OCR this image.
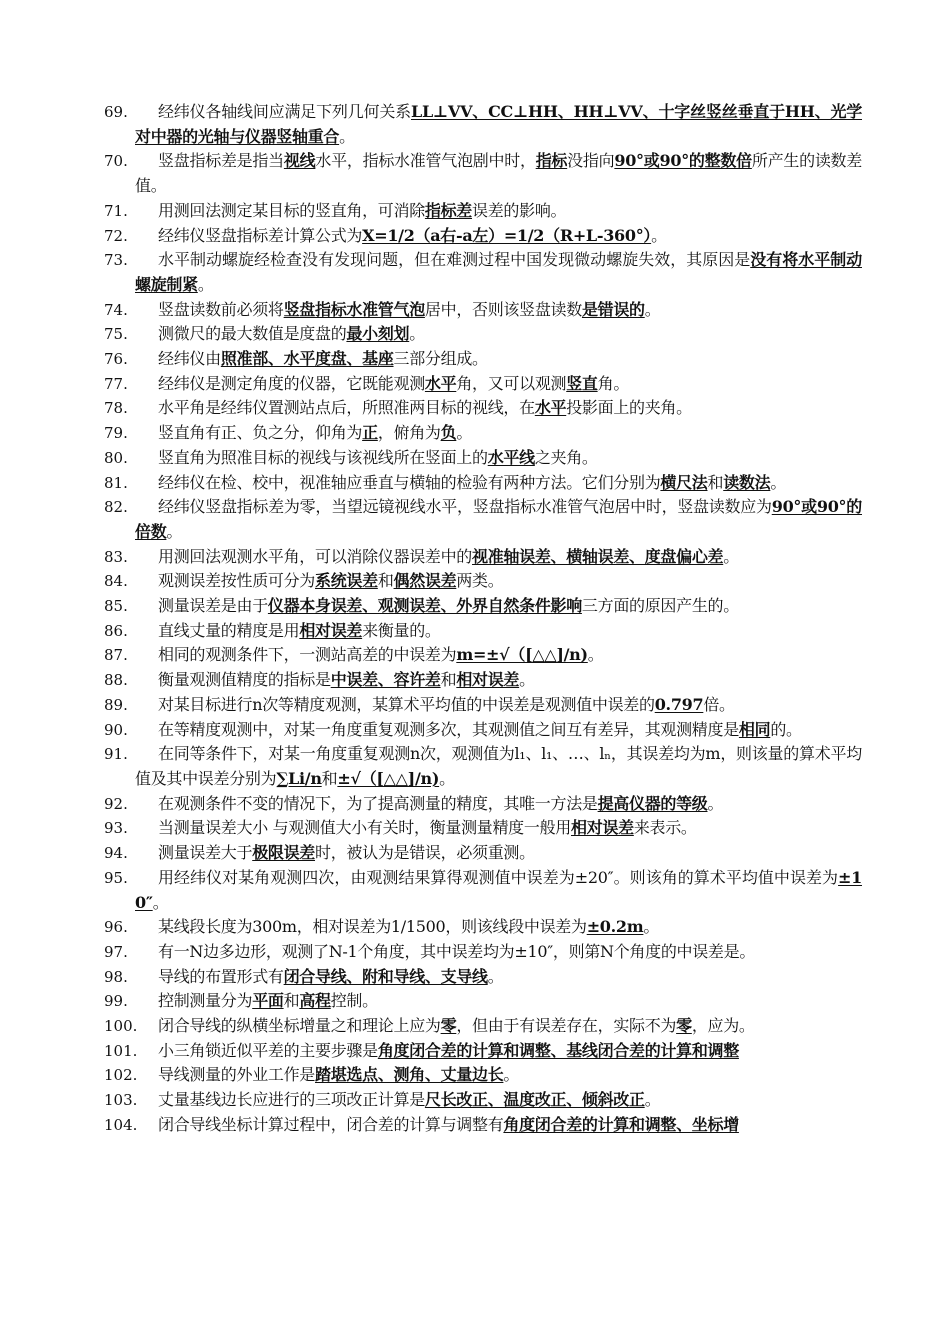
69.	经纬仪各轴线间应满足下列几何关系LL⊥VV、CC⊥HH、HH⊥VV、十字丝竖丝垂直于HH、光学对中器的光轴与仪器竖轴重合。
70.	竖盘指标差是指当视线水平，指标水准管气泡剧中时，指标没指向90°或90°的整数倍所产生的读数差值。
71.	用测回法测定某目标的竖直角，可消除指标差误差的影响。
72.	经纬仪竖盘指标差计算公式为X=1/2（a右-a左）=1/2（R+L-360°）。
73.	水平制动螺旋经检查没有发现问题，但在难测过程中国发现微动螺旋失效，其原因是没有将水平制动螺旋制紧。
74.	竖盘读数前必须将竖盘指标水准管气泡居中，否则该竖盘读数是错误的。
75.	测微尺的最大数值是度盘的最小刻划。
76.	经纬仪由照准部、水平度盘、基座三部分组成。
77.	经纬仪是测定角度的仪器，它既能观测水平角，又可以观测竖直角。
78.	水平角是经纬仪置测站点后，所照准两目标的视线，在水平投影面上的夹角。
79.	竖直角有正、负之分，仰角为正，俯角为负。
80.	竖直角为照准目标的视线与该视线所在竖面上的水平线之夹角。
81.	经纬仪在检、校中，视准轴应垂直与横轴的检验有两种方法。它们分别为横尺法和读数法。
82.	经纬仪竖盘指标差为零，当望远镜视线水平，竖盘指标水准管气泡居中时，竖盘读数应为90°或90°的倍数。
83.	用测回法观测水平角，可以消除仪器误差中的视准轴误差、横轴误差、度盘偏心差。
84.	观测误差按性质可分为系统误差和偶然误差两类。
85.	测量误差是由于仪器本身误差、观测误差、外界自然条件影响三方面的原因产生的。
86.	直线丈量的精度是用相对误差来衡量的。
87.	相同的观测条件下，一测站高差的中误差为m=±√（[△△]/n)。
88.	衡量观测值精度的指标是中误差、容许差和相对误差。
89.	对某目标进行n次等精度观测，某算术平均值的中误差是观测值中误差的0.797倍。
90.	在等精度观测中，对某一角度重复观测多次，其观测值之间互有差异，其观测精度是相同的。
91.	在同等条件下，对某一角度重复观测n次，观测值为l₁、l₁、…、lₙ，其误差均为m，则该量的算术平均值及其中误差分别为∑Li/n和±√（[△△]/n)。
92.	在观测条件不变的情况下，为了提高测量的精度，其唯一方法是提高仪器的等级。
93.	当测量误差大小 与观测值大小有关时，衡量测量精度一般用相对误差来表示。
94.	测量误差大于极限误差时，被认为是错误，必须重测。
95.	用经纬仪对某角观测四次，由观测结果算得观测值中误差为±20″。则该角的算术平均值中误差为±10″。
96.	某线段长度为300m，相对误差为1/1500，则该线段中误差为±0.2m。
97.	有一N边多边形，观测了N-1个角度，其中误差均为±10″，则第N个角度的中误差是。
98.	导线的布置形式有闭合导线、附和导线、支导线。
99.	控制测量分为平面和高程控制。
100.	闭合导线的纵横坐标增量之和理论上应为零，但由于有误差存在，实际不为零，应为。
101.	小三角锁近似平差的主要步骤是角度闭合差的计算和调整、基线闭合差的计算和调整
102.	导线测量的外业工作是踏堪选点、测角、丈量边长。
103.	丈量基线边长应进行的三项改正计算是尺长改正、温度改正、倾斜改正。
104.	闭合导线坐标计算过程中，闭合差的计算与调整有角度闭合差的计算和调整、坐标增
